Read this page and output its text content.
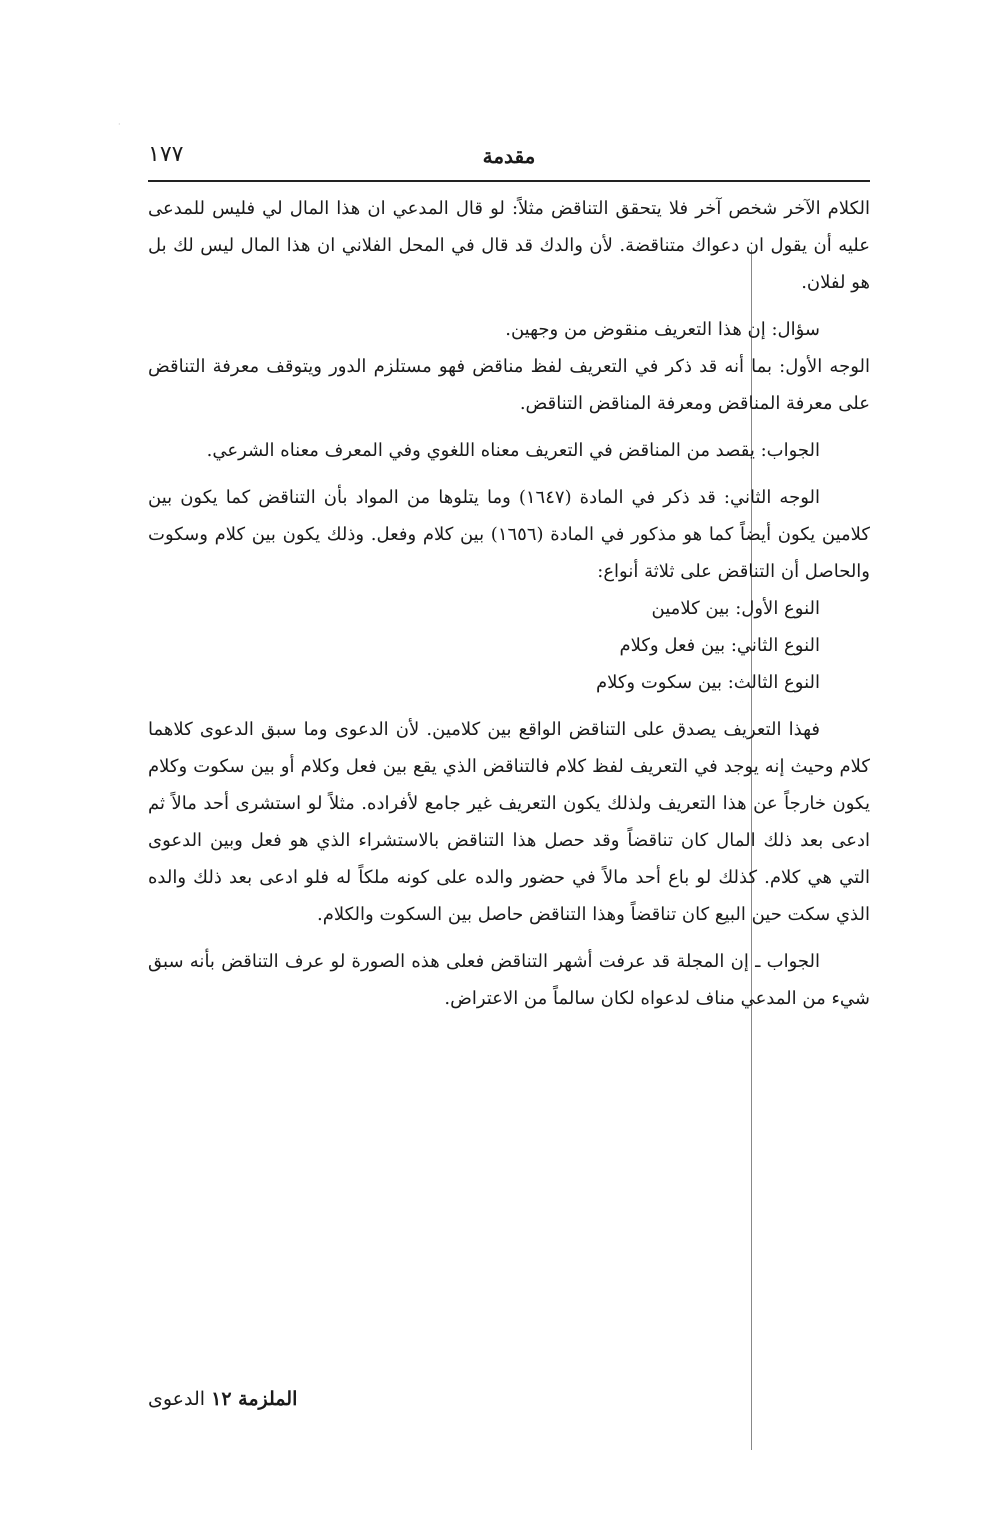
·
مقدمة
١٧٧

الكلام الآخر شخص آخر فلا يتحقق التناقض مثلاً: لو قال المدعي ان هذا المال لي فليس للمدعى عليه أن يقول ان دعواك متناقضة. لأن والدك قد قال في المحل الفلاني ان هذا المال ليس لك بل هو لفلان.

سؤال: إن هذا التعريف منقوض من وجهين.

الوجه الأول: بما أنه قد ذكر في التعريف لفظ مناقض فهو مستلزم الدور ويتوقف معرفة التناقض على معرفة المناقض ومعرفة المناقض التناقض.

الجواب: يقصد من المناقض في التعريف معناه اللغوي وفي المعرف معناه الشرعي.

الوجه الثاني: قد ذكر في المادة (١٦٤٧) وما يتلوها من المواد بأن التناقض كما يكون بين كلامين يكون أيضاً كما هو مذكور في المادة (١٦٥٦) بين كلام وفعل. وذلك يكون بين كلام وسكوت والحاصل أن التناقض على ثلاثة أنواع:

النوع الأول: بين كلامين

النوع الثاني: بين فعل وكلام

النوع الثالث: بين سكوت وكلام

فهذا التعريف يصدق على التناقض الواقع بين كلامين. لأن الدعوى وما سبق الدعوى كلاهما كلام وحيث إنه يوجد في التعريف لفظ كلام فالتناقض الذي يقع بين فعل وكلام أو بين سكوت وكلام يكون خارجاً عن هذا التعريف ولذلك يكون التعريف غير جامع لأفراده. مثلاً لو استشرى أحد مالاً ثم ادعى بعد ذلك المال كان تناقضاً وقد حصل هذا التناقض بالاستشراء الذي هو فعل وبين الدعوى التي هي كلام. كذلك لو باع أحد مالاً في حضور والده على كونه ملكاً له فلو ادعى بعد ذلك والده الذي سكت حين البيع كان تناقضاً وهذا التناقض حاصل بين السكوت والكلام.

الجواب ـ إن المجلة قد عرفت أشهر التناقض فعلى هذه الصورة لو عرف التناقض بأنه سبق شيء من المدعي مناف لدعواه لكان سالماً من الاعتراض.

الملزمة ١٢ الدعوى
